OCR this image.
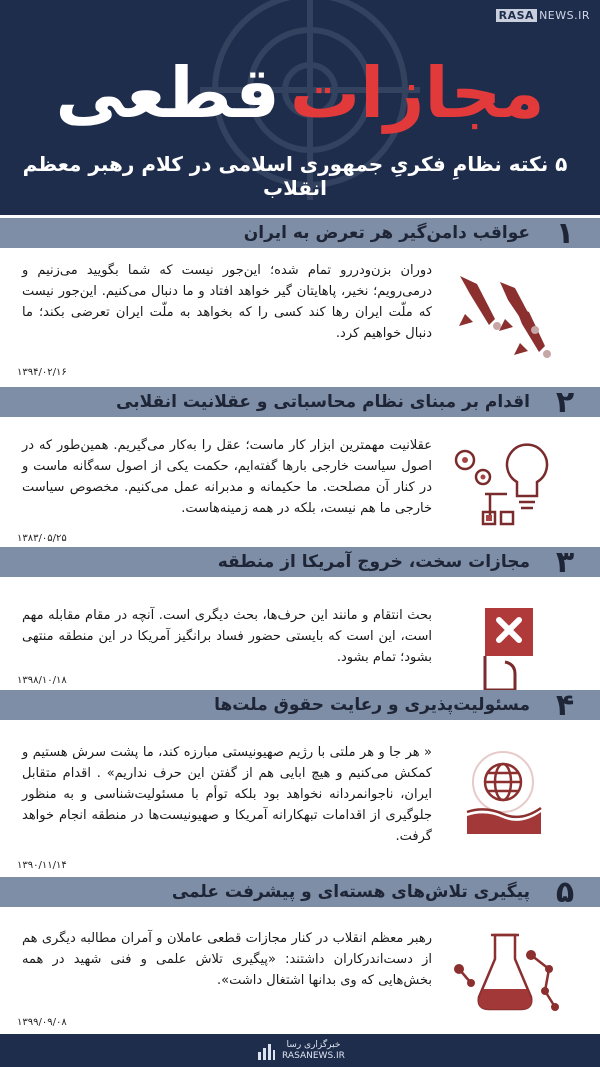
RASA NEWS.IR
مجازات
قطعی
۵ نکته نظامِ فکریِ جمهوری اسلامی در کلام رهبر معظم انقلاب
۱
عواقب دامن‌گیر هر تعرض به ایران
دوران بزن‌ودررو تمام شده؛ این‌جور نیست که شما بگویید می‌زنیم و درمی‌رویم؛ نخیر، پاهایتان گیر خواهد افتاد و ما دنبال می‌کنیم. این‌جور نیست که ملّت ایران رها کند کسی را که بخواهد به ملّت ایران تعرضی بکند؛ ما دنبال خواهیم کرد.
۱۳۹۴/۰۲/۱۶
۲
اقدام بر مبنای نظام محاسباتی و عقلانیت انقلابی
عقلانیت مهمترین ابزار کار ماست؛ عقل را به‌کار می‌گیریم. همین‌طور که در اصول سیاست خارجی بارها گفته‌ایم، حکمت یکی از اصول سه‌گانه ماست و در کنار آن مصلحت. ما حکیمانه و مدبرانه عمل می‌کنیم. مخصوص سیاست خارجی ما هم نیست، بلکه در همه زمینه‌هاست.
۱۳۸۳/۰۵/۲۵
۳
مجازات سخت، خروج آمریکا از منطقه
بحث انتقام و مانند این حرف‌ها، بحث دیگری است. آنچه در مقام مقابله مهم است، این است که بایستی حضور فساد برانگیز آمریکا در این منطقه منتهی بشود؛ تمام بشود.
۱۳۹۸/۱۰/۱۸
۴
مسئولیت‌پذیری و رعایت حقوق ملت‌ها
« هر جا و هر ملتی با رژیم صهیونیستی مبارزه کند، ما پشت سرش هستیم و کمکش می‌کنیم و هیچ ابایی هم از گفتن این حرف نداریم» . اقدام متقابل ایران، ناجوانمردانه نخواهد بود بلکه توأم با مسئولیت‌شناسی و به منظور جلوگیری از اقدامات تبهکارانه آمریکا و صهیونیست‌ها در منطقه انجام خواهد گرفت.
۱۳۹۰/۱۱/۱۴
۵
پیگیری تلاش‌های هسته‌ای و پیشرفت علمی
رهبر معظم انقلاب در کنار مجازات قطعی عاملان و آمران مطالبه دیگری هم از دست‌اندرکاران داشتند: «پیگیری تلاش علمی و فنی شهید در همه بخش‌هایی که وی بدانها اشتغال داشت».
۱۳۹۹/۰۹/۰۸
خبرگزاری رسا
RASANEWS.IR
